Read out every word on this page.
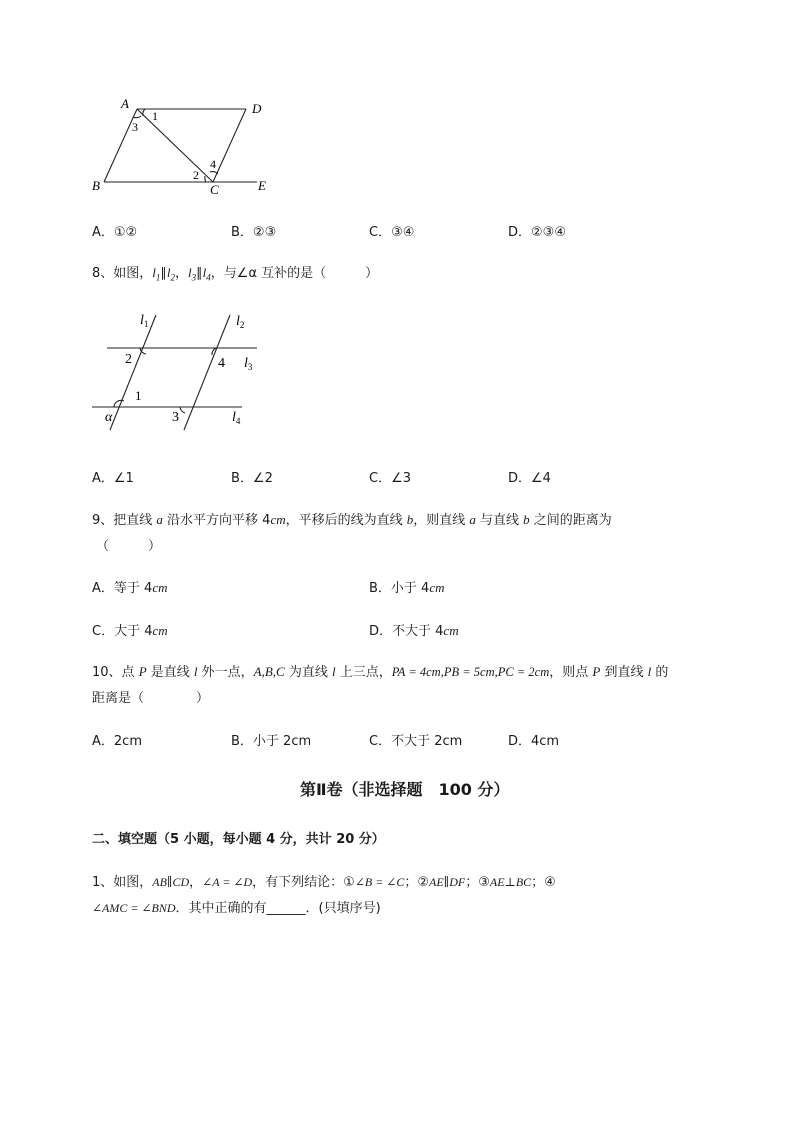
A	D
B	C	E
1
3
2
4
A．①②	B．②③	C．③④	D．②③④
8、如图，$l_1\parallel l_2$，$l_3\parallel l_4$，与∠α 互补的是（　　　）
$l_1$	$l_2$
$l_3$
$l_4$
2	4
1
3
α
A．∠1	B．∠2	C．∠3	D．∠4
9、把直线 a 沿水平方向平移 4cm，平移后的线为直线 b，则直线 a 与直线 b 之间的距离为
（　　　）
A．等于 4cm	B．小于 4cm
C．大于 4cm	D．不大于 4cm
10、点 P 是直线 l 外一点，A,B,C 为直线 l 上三点，PA = 4cm,PB = 5cm,PC = 2cm，则点 P 到直线 l 的
距离是（　　　　）
A．2cm	B．小于 2cm	C．不大于 2cm	D．4cm
第Ⅱ卷（非选择题　100 分）
二、填空题（5 小题，每小题 4 分，共计 20 分）
1、如图，AB∥CD，∠A = ∠D，有下列结论：①∠B = ∠C；②AE∥DF；③AE⊥BC；④
∠AMC = ∠BND．其中正确的有______．(只填序号)
